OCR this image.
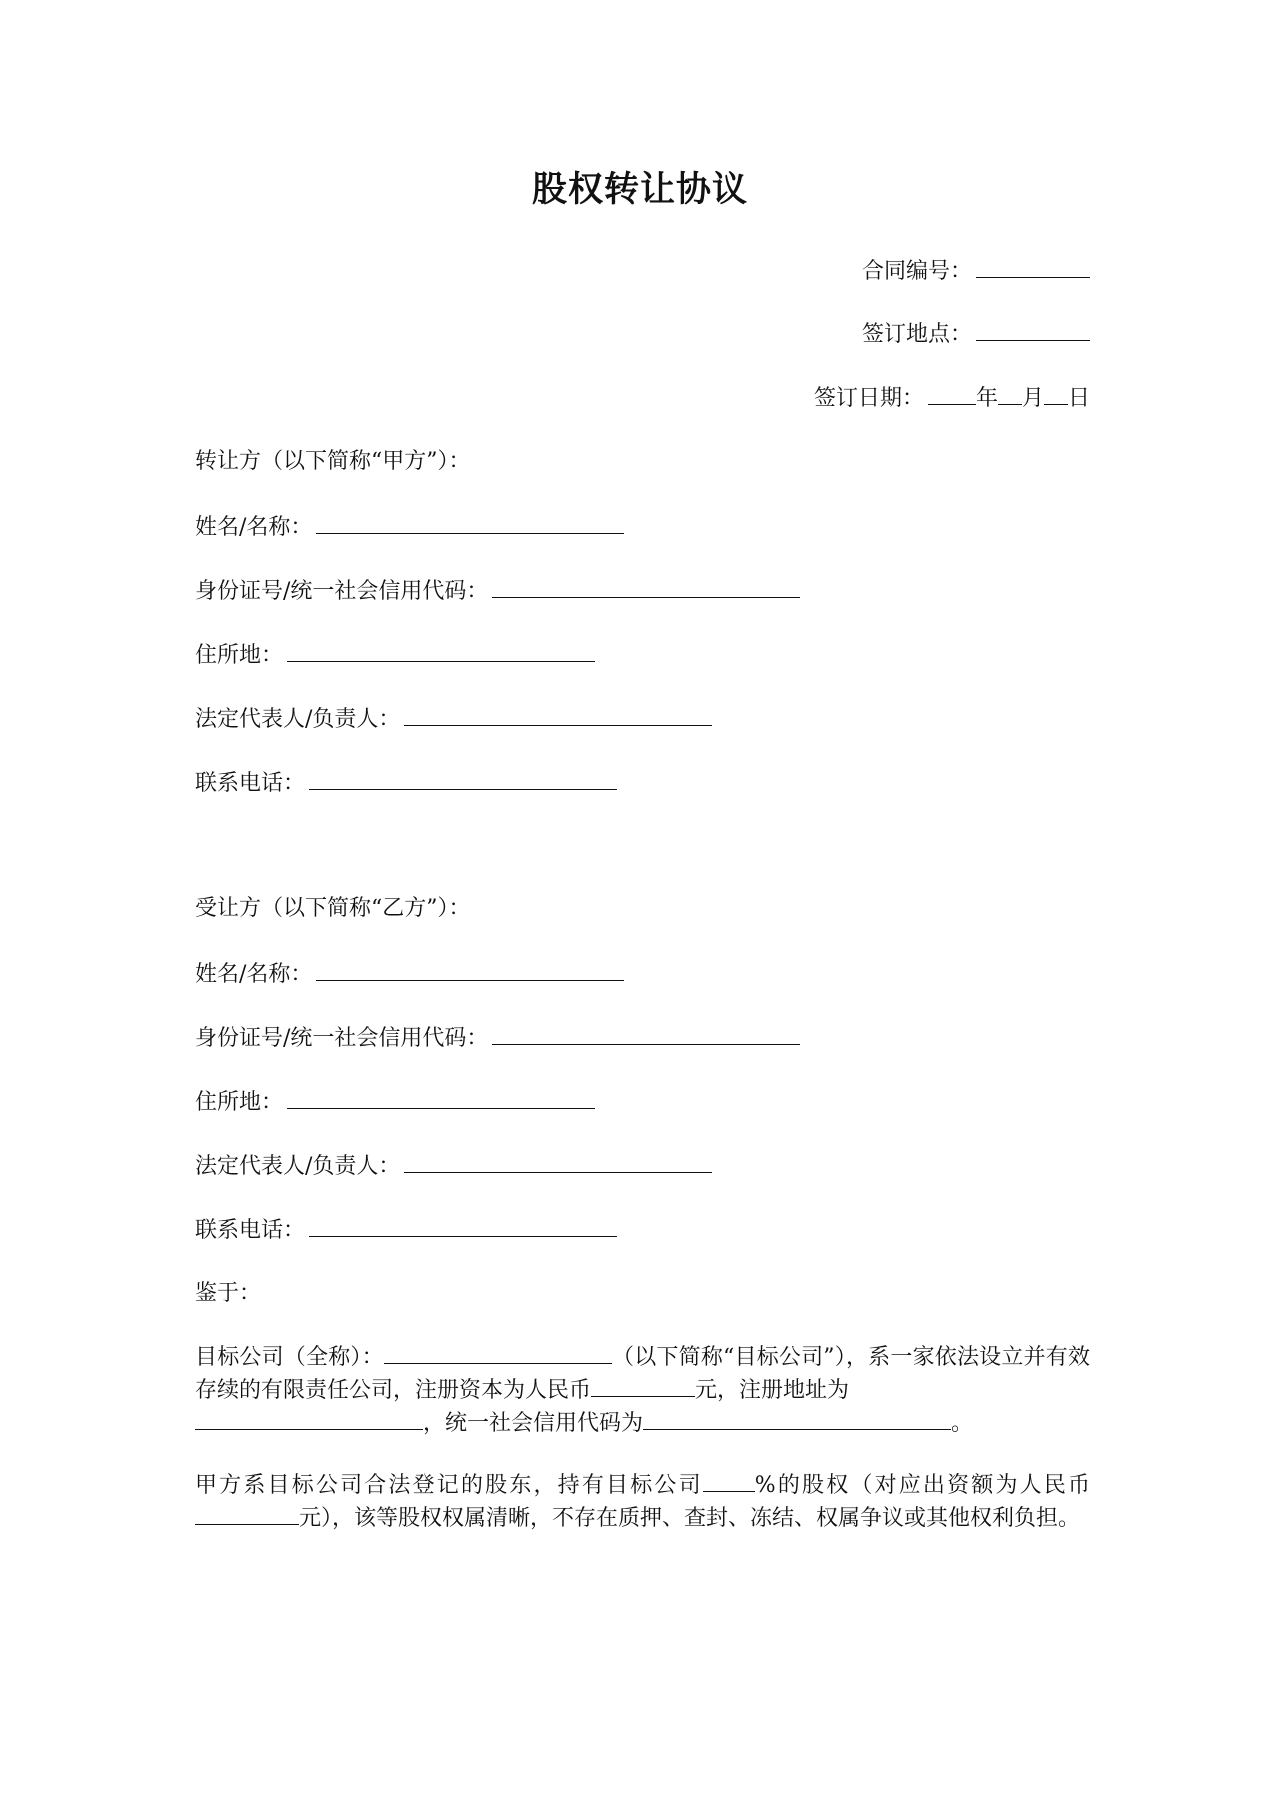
股权转让协议
合同编号：
签订地点：
签订日期： 年 月 日
转让方（以下简称“甲方”）：
姓名/名称：
身份证号/统一社会信用代码：
住所地：
法定代表人/负责人：
联系电话：
受让方（以下简称“乙方”）：
姓名/名称：
身份证号/统一社会信用代码：
住所地：
法定代表人/负责人：
联系电话：
鉴于：
目标公司（全称）：	（以下简称“目标公司”），系一家依法设立并有效存续的有限责任公司，注册资本为人民币	元，注册地址为
，统一社会信用代码为	。
甲方系目标公司合法登记的股东，持有目标公司 %的股权（对应出资额为人民币元），该等股权权属清晰，不存在质押、查封、冻结、权属争议或其他权利负担。
